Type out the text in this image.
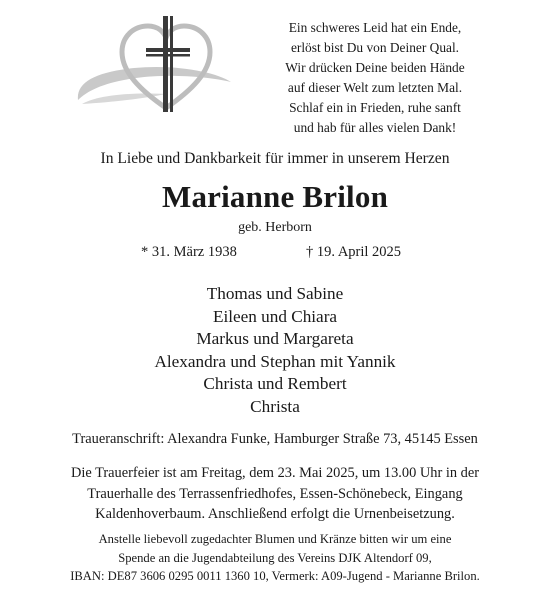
Ein schweres Leid hat ein Ende,
erlöst bist Du von Deiner Qual.
Wir drücken Deine beiden Hände
auf dieser Welt zum letzten Mal.
Schlaf ein in Frieden, ruhe sanft
und hab für alles vielen Dank!
In Liebe und Dankbarkeit für immer in unserem Herzen
Marianne Brilon
geb. Herborn
* 31. März 1938	† 19. April 2025
Thomas und Sabine
Eileen und Chiara
Markus und Margareta
Alexandra und Stephan mit Yannik
Christa und Rembert
Christa
Traueranschrift: Alexandra Funke, Hamburger Straße 73, 45145 Essen
Die Trauerfeier ist am Freitag, dem 23. Mai 2025, um 13.00 Uhr in der
Trauerhalle des Terrassenfriedhofes, Essen-Schönebeck, Eingang
Kaldenhoverbaum. Anschließend erfolgt die Urnenbeisetzung.
Anstelle liebevoll zugedachter Blumen und Kränze bitten wir um eine
Spende an die Jugendabteilung des Vereins DJK Altendorf 09,
IBAN: DE87 3606 0295 0011 1360 10, Vermerk: A09-Jugend - Marianne Brilon.
